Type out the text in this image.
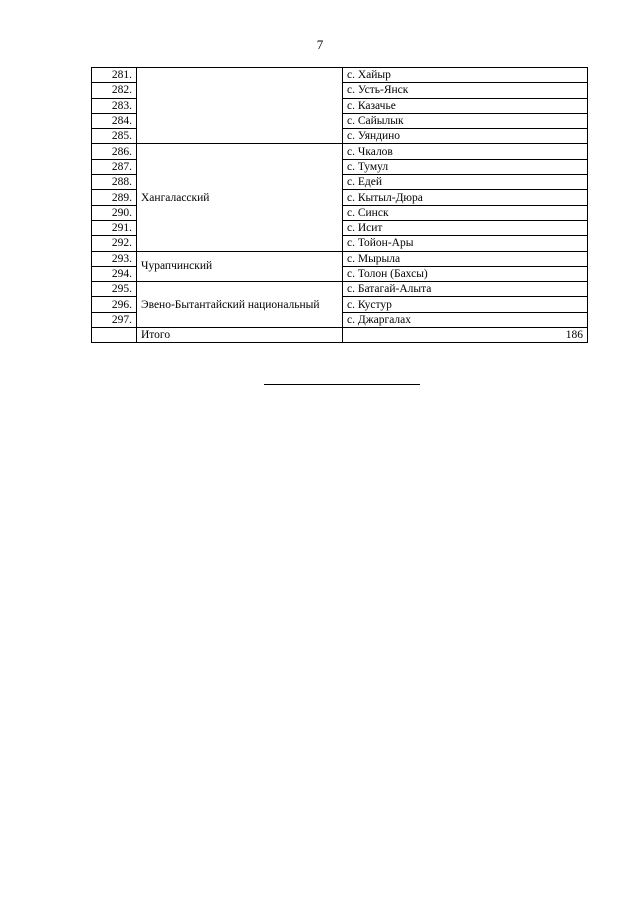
7
281.		с. Хайыр
282.		с. Усть-Янск
283.		с. Казачье
284.		с. Сайылык
285.		с. Уяндино
286.	Хангаласский	с. Чкалов
287.		с. Тумул
288.		с. Едей
289.		с. Кытыл-Дюра
290.		с. Синск
291.		с. Исит
292.		с. Тойон-Ары
293.	Чурапчинский	с. Мырыла
294.		с. Толон (Бахсы)
295.	Эвено-Бытантайский национальный	с. Батагай-Алыта
296.		с. Кустур
297.		с. Джаргалах
	Итого	186
